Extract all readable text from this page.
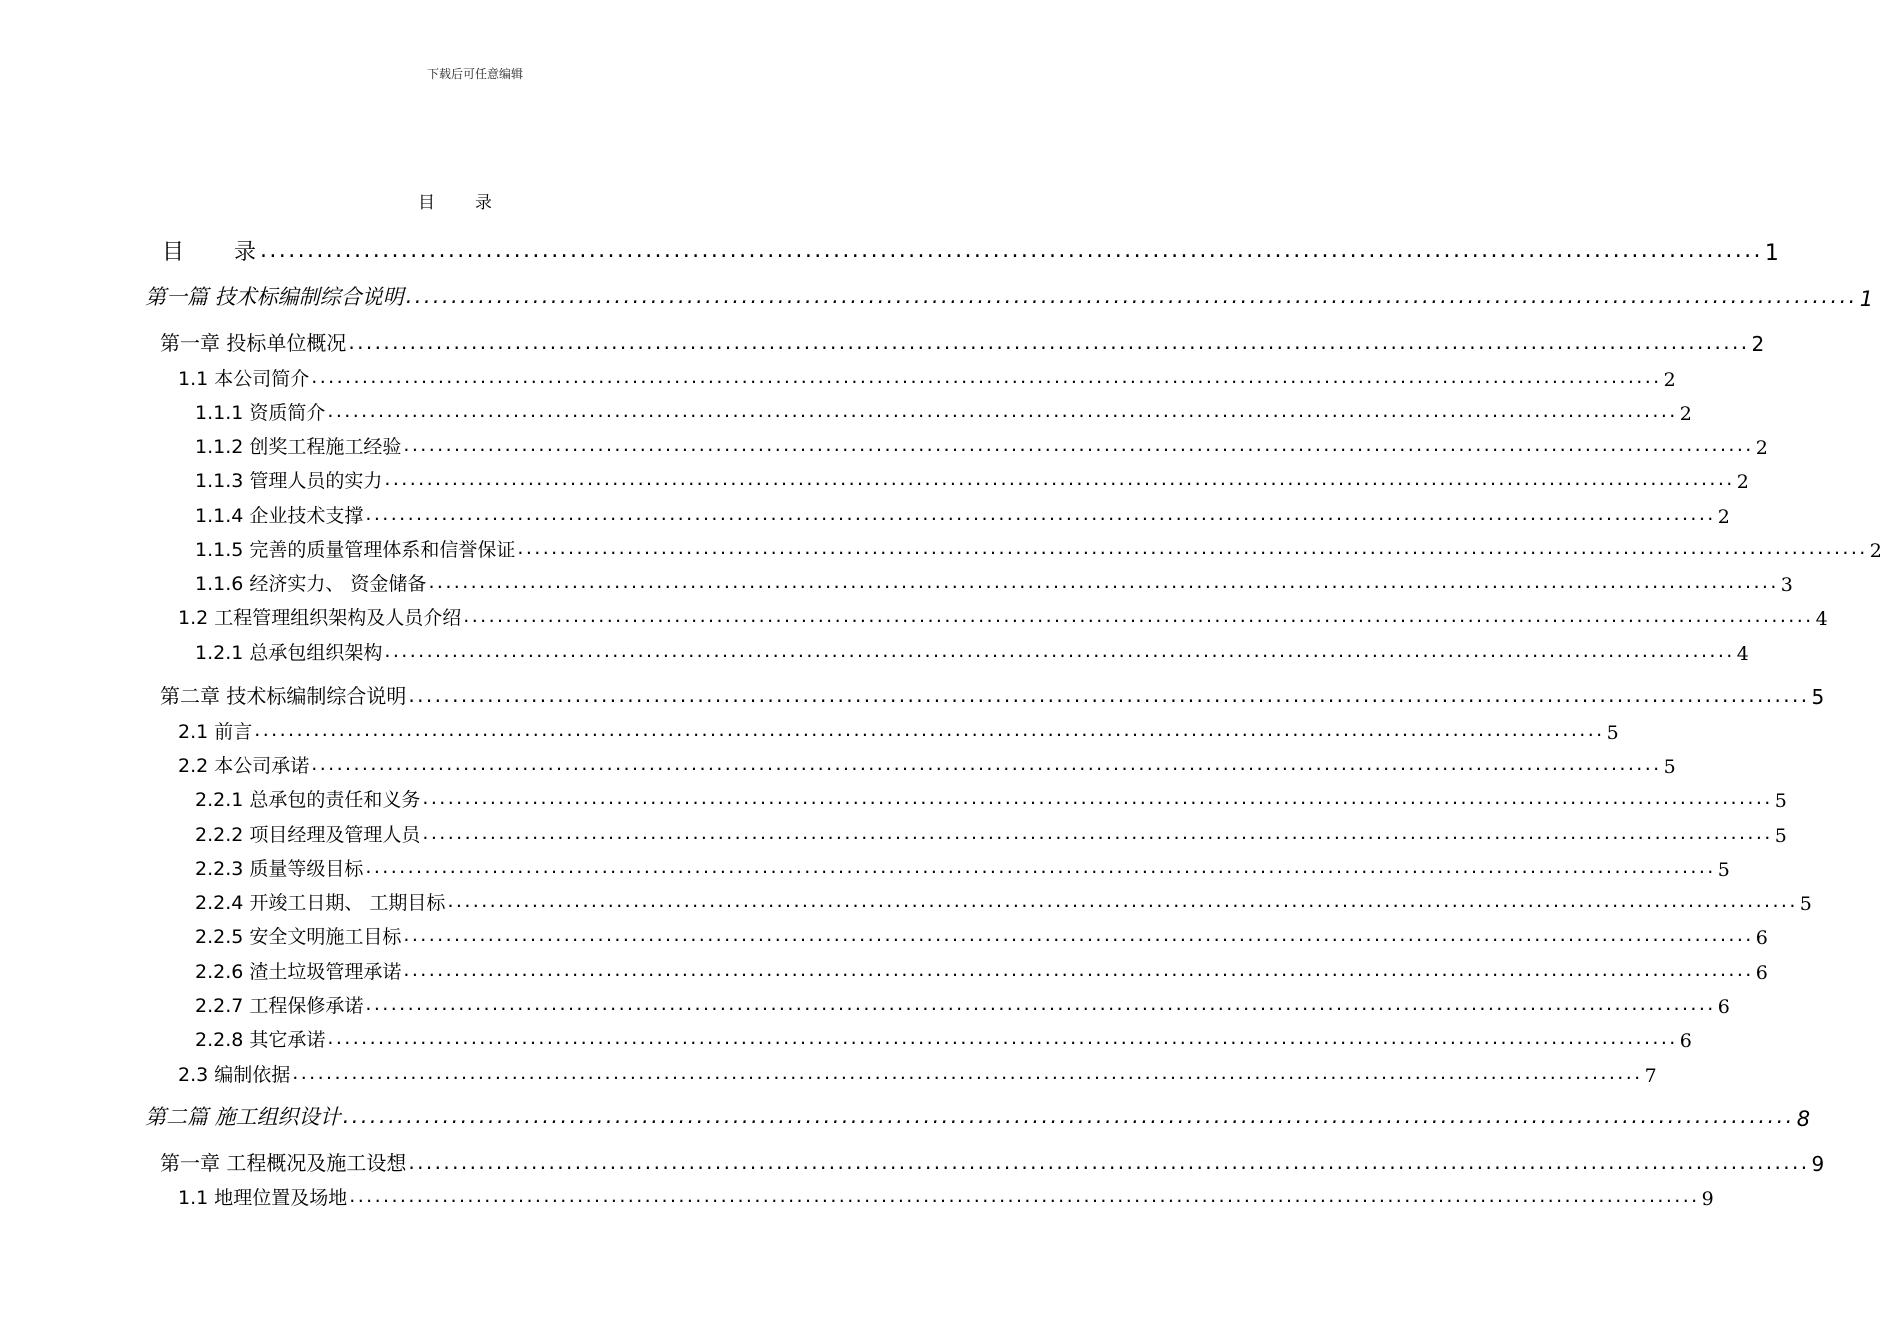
下载后可任意编辑
目录
目　　录 ................................................................................................................................................................ 1
第一篇 技术标编制综合说明 ................................................................................................................................................................ 1
第一章 投标单位概况 ................................................................................................................................................................ 2
1.1 本公司简介 ................................................................................................................................................................ 2
1.1.1 资质简介 ................................................................................................................................................................ 2
1.1.2 创奖工程施工经验 ................................................................................................................................................................ 2
1.1.3 管理人员的实力 ................................................................................................................................................................ 2
1.1.4 企业技术支撑 ................................................................................................................................................................ 2
1.1.5 完善的质量管理体系和信誉保证 ................................................................................................................................................................ 2
1.1.6 经济实力、 资金储备 ................................................................................................................................................................ 3
1.2 工程管理组织架构及人员介绍 ................................................................................................................................................................ 4
1.2.1 总承包组织架构 ................................................................................................................................................................ 4
第二章 技术标编制综合说明 ................................................................................................................................................................ 5
2.1 前言 ................................................................................................................................................................ 5
2.2 本公司承诺 ................................................................................................................................................................ 5
2.2.1 总承包的责任和义务 ................................................................................................................................................................ 5
2.2.2 项目经理及管理人员 ................................................................................................................................................................ 5
2.2.3 质量等级目标 ................................................................................................................................................................ 5
2.2.4 开竣工日期、 工期目标 ................................................................................................................................................................ 5
2.2.5 安全文明施工目标 ................................................................................................................................................................ 6
2.2.6 渣土垃圾管理承诺 ................................................................................................................................................................ 6
2.2.7 工程保修承诺 ................................................................................................................................................................ 6
2.2.8 其它承诺 ................................................................................................................................................................ 6
2.3 编制依据 ................................................................................................................................................................ 7
第二篇 施工组织设计 ................................................................................................................................................................ 8
第一章 工程概况及施工设想 ................................................................................................................................................................ 9
1.1 地理位置及场地 ................................................................................................................................................................ 9
